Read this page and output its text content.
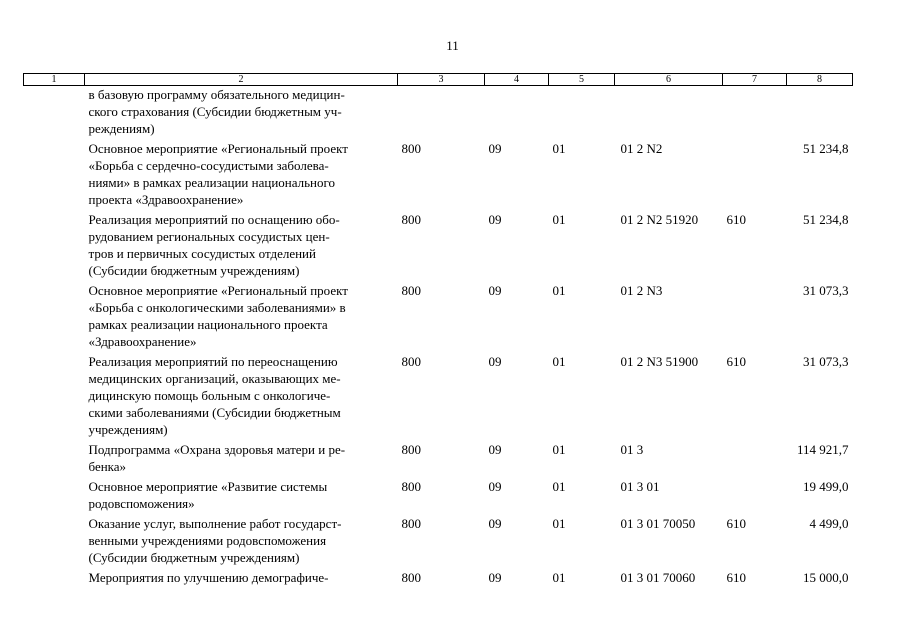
11
1	2	3	4	5	6	7	8

	в базовую программу обязательного медицин-
ского страхования (Субсидии бюджетным уч-
реждениям)						

	Основное мероприятие «Региональный проект
«Борьба с сердечно-сосудистыми заболева-
ниями» в рамках реализации национального
проекта «Здравоохранение»	800	09	01	01 2 N2		51 234,8

	Реализация мероприятий по оснащению обо-
рудованием региональных сосудистых цен-
тров и первичных сосудистых отделений
(Субсидии бюджетным учреждениям)	800	09	01	01 2 N2 51920	610	51 234,8

	Основное мероприятие «Региональный проект
«Борьба с онкологическими заболеваниями» в
рамках реализации национального проекта
«Здравоохранение»	800	09	01	01 2 N3		31 073,3

	Реализация мероприятий по переоснащению
медицинских организаций, оказывающих ме-
дицинскую помощь больным с онкологиче-
скими заболеваниями (Субсидии бюджетным
учреждениям)	800	09	01	01 2 N3 51900	610	31 073,3

	Подпрограмма «Охрана здоровья матери и ре-
бенка»	800	09	01	01 3		114 921,7

	Основное мероприятие «Развитие системы
родовспоможения»	800	09	01	01 3 01		19 499,0

	Оказание услуг, выполнение работ государст-
венными учреждениями родовспоможения
(Субсидии бюджетным учреждениям)	800	09	01	01 3 01 70050	610	4 499,0

	Мероприятия по улучшению демографиче-	800	09	01	01 3 01 70060	610	15 000,0
